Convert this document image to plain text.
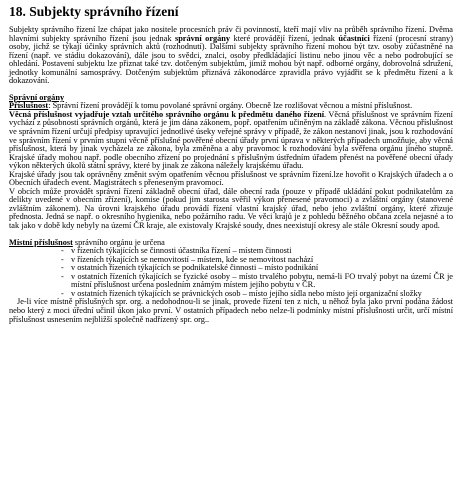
18. Subjekty správního řízení

Subjekty správního řízení lze chápat jako nositele procesních práv či povinností, kteří mají vliv na průběh správního řízení. Dvěma hlavními subjekty správního řízení jsou jednak správní orgány které provádějí řízení, jednak účastníci řízení (procesní strany) osoby, jichž se týkají účinky správních aktů (rozhodnutí). Dalšími subjekty správního řízení mohou být tzv. osoby zúčastněné na řízení (např. ve stádiu dokazování), dále jsou to svědci, znalci, osoby předkládající listinu nebo jinou věc a nebo podrobující se ohledání. Postavení subjektu lze přiznat také tzv. dotčeným subjektům, jimiž mohou být např. odborné orgány, dobrovolná sdružení, jednotky komunální samosprávy. Dotčeným subjektům přiznává zákonodárce zpravidla právo vyjádřit se k předmětu řízení a k dokazování.

Správní orgány

Příslušnost: Správní řízení provádějí k tomu povolané správní orgány. Obecně lze rozlišovat věcnou a místní příslušnost.

Věcná příslušnost vyjadřuje vztah určitého správního orgánu k předmětu daného řízení. Věcná příslušnost ve správním řízení vychází z působnosti správních orgánů, která je jim dána zákonem, popř. opatřením učiněným na základě zákona. Věcnou příslušnost ve správním řízení určují předpisy upravující jednotlivé úseky veřejné správy v případě, že zákon nestanoví jinak, jsou k rozhodování ve správním řízení v prvním stupni věcně příslušné pověřené obecní úřady první úprava v některých případech umožňuje, aby věcná příslušnost, která by jinak vycházela ze zákona, byla změněna a aby pravomoc k rozhodování byla svěřena orgánu jiného stupně. Krajské úřady mohou např. podle obecního zřízení po projednání s příslušným ústředním úřadem přenést na pověřené obecní úřady výkon některých úkolů státní správy, které by jinak ze zákona náležely krajskému úřadu.

Krajské úřady jsou tak oprávněny změnit svým opatřením věcnou příslušnost ve správním řízení.lze hovořit o Krajských úřadech a o Obecních úřadech event. Magistrátech s přeneseným pravomocí.

V obcích může provádět správní řízení základně obecní úřad, dále obecní rada (pouze v případě ukládání pokut podnikatelům za delikty uvedené v obecním zřízení), komise (pokud jim starosta svěřil výkon přenesené pravomoci) a zvláštní orgány (stanovené zvláštním zákonem). Na úrovni krajského úřadu provádí řízení vlastní krajský úřad, nebo jeho zvláštní orgány, které zřizuje přednosta. Jedná se např. o okresního hygienika, nebo požárního radu. Ve věci krajů je z pohledu běžného občana zcela nejasné a to tak jako v době kdy nebyly na území ČR kraje, ale existovaly Krajské soudy, dnes neexistují okresy ale stále Okresní soudy apod.

Místní příslušnost správního orgánu je určena

- v řízeních týkajících se činnosti účastníka řízení – místem činnosti
- v řízeních týkajících se nemovitostí – místem, kde se nemovitost nachází
- v ostatních řízeních týkajících se podnikatelské činnosti – místo podnikání
- v ostatních řízeních týkajících se fyzické osoby – místo trvalého pobytu, nemá-li FO trvalý pobyt na území ČR je místní příslušnost určena posledním známým místem jejího pobytu v ČR.
- v ostatních řízeních týkajících se právnických osob – místo jejího sídla nebo místo její organizační složky

Je-li více místně příslušných spr. org. a nedohodnou-li se jinak, provede řízení ten z nich, u něhož byla jako první podána žádost nebo který z moci úřední učinil úkon jako první. V ostatních případech nebo nelze-li podmínky místní příslušnosti určit, určí místní příslušnost usnesením nejbližší společně nadřízený spr. org..
